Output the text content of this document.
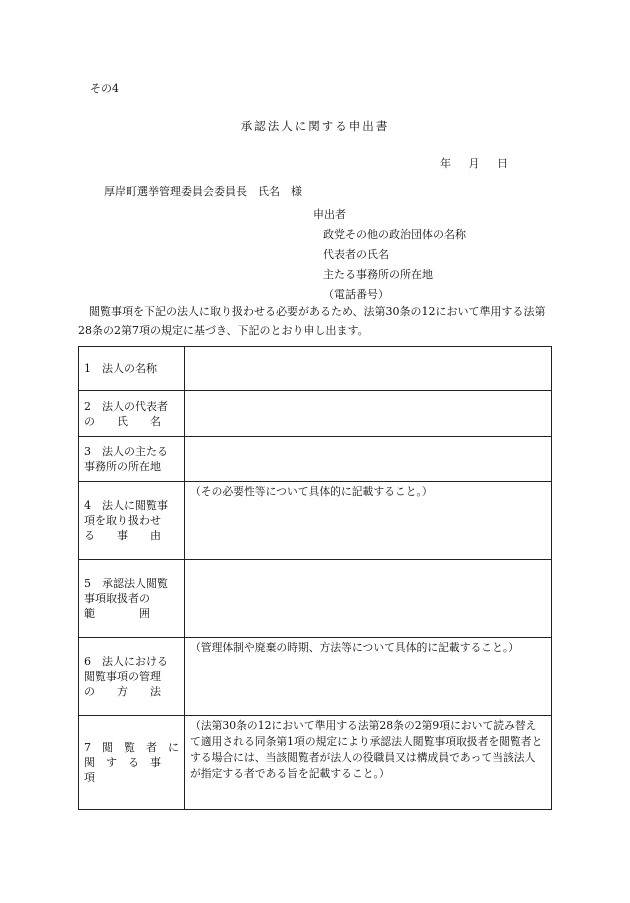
その4
承認法人に関する申出書
年 月 日
厚岸町選挙管理委員会委員長　氏名　様
申出者
政党その他の政治団体の名称
代表者の氏名
主たる事務所の所在地
（電話番号）
　閲覧事項を下記の法人に取り扱わせる必要があるため、法第30条の12において準用する法第28条の2第7項の規定に基づき、下記のとおり申し出ます。
1　法人の名称	

2　法人の代表者
の　　氏　　名	

3　法人の主たる
事務所の所在地	

4　法人に閲覧事
項を取り扱わせ
る　　事　　由	（その必要性等について具体的に記載すること。）

5　承認法人閲覧
事項取扱者の
範　　　　囲	

6　法人における
閲覧事項の管理
の　　方　　法	（管理体制や廃棄の時期、方法等について具体的に記載すること。）

7　閲　覧　者　に
関　す　る　事　項	（法第30条の12において準用する法第28条の2第9項において読み替えて適用される同条第1項の規定により承認法人閲覧事項取扱者を閲覧者とする場合には、当該閲覧者が法人の役職員又は構成員であって当該法人が指定する者である旨を記載すること。）
